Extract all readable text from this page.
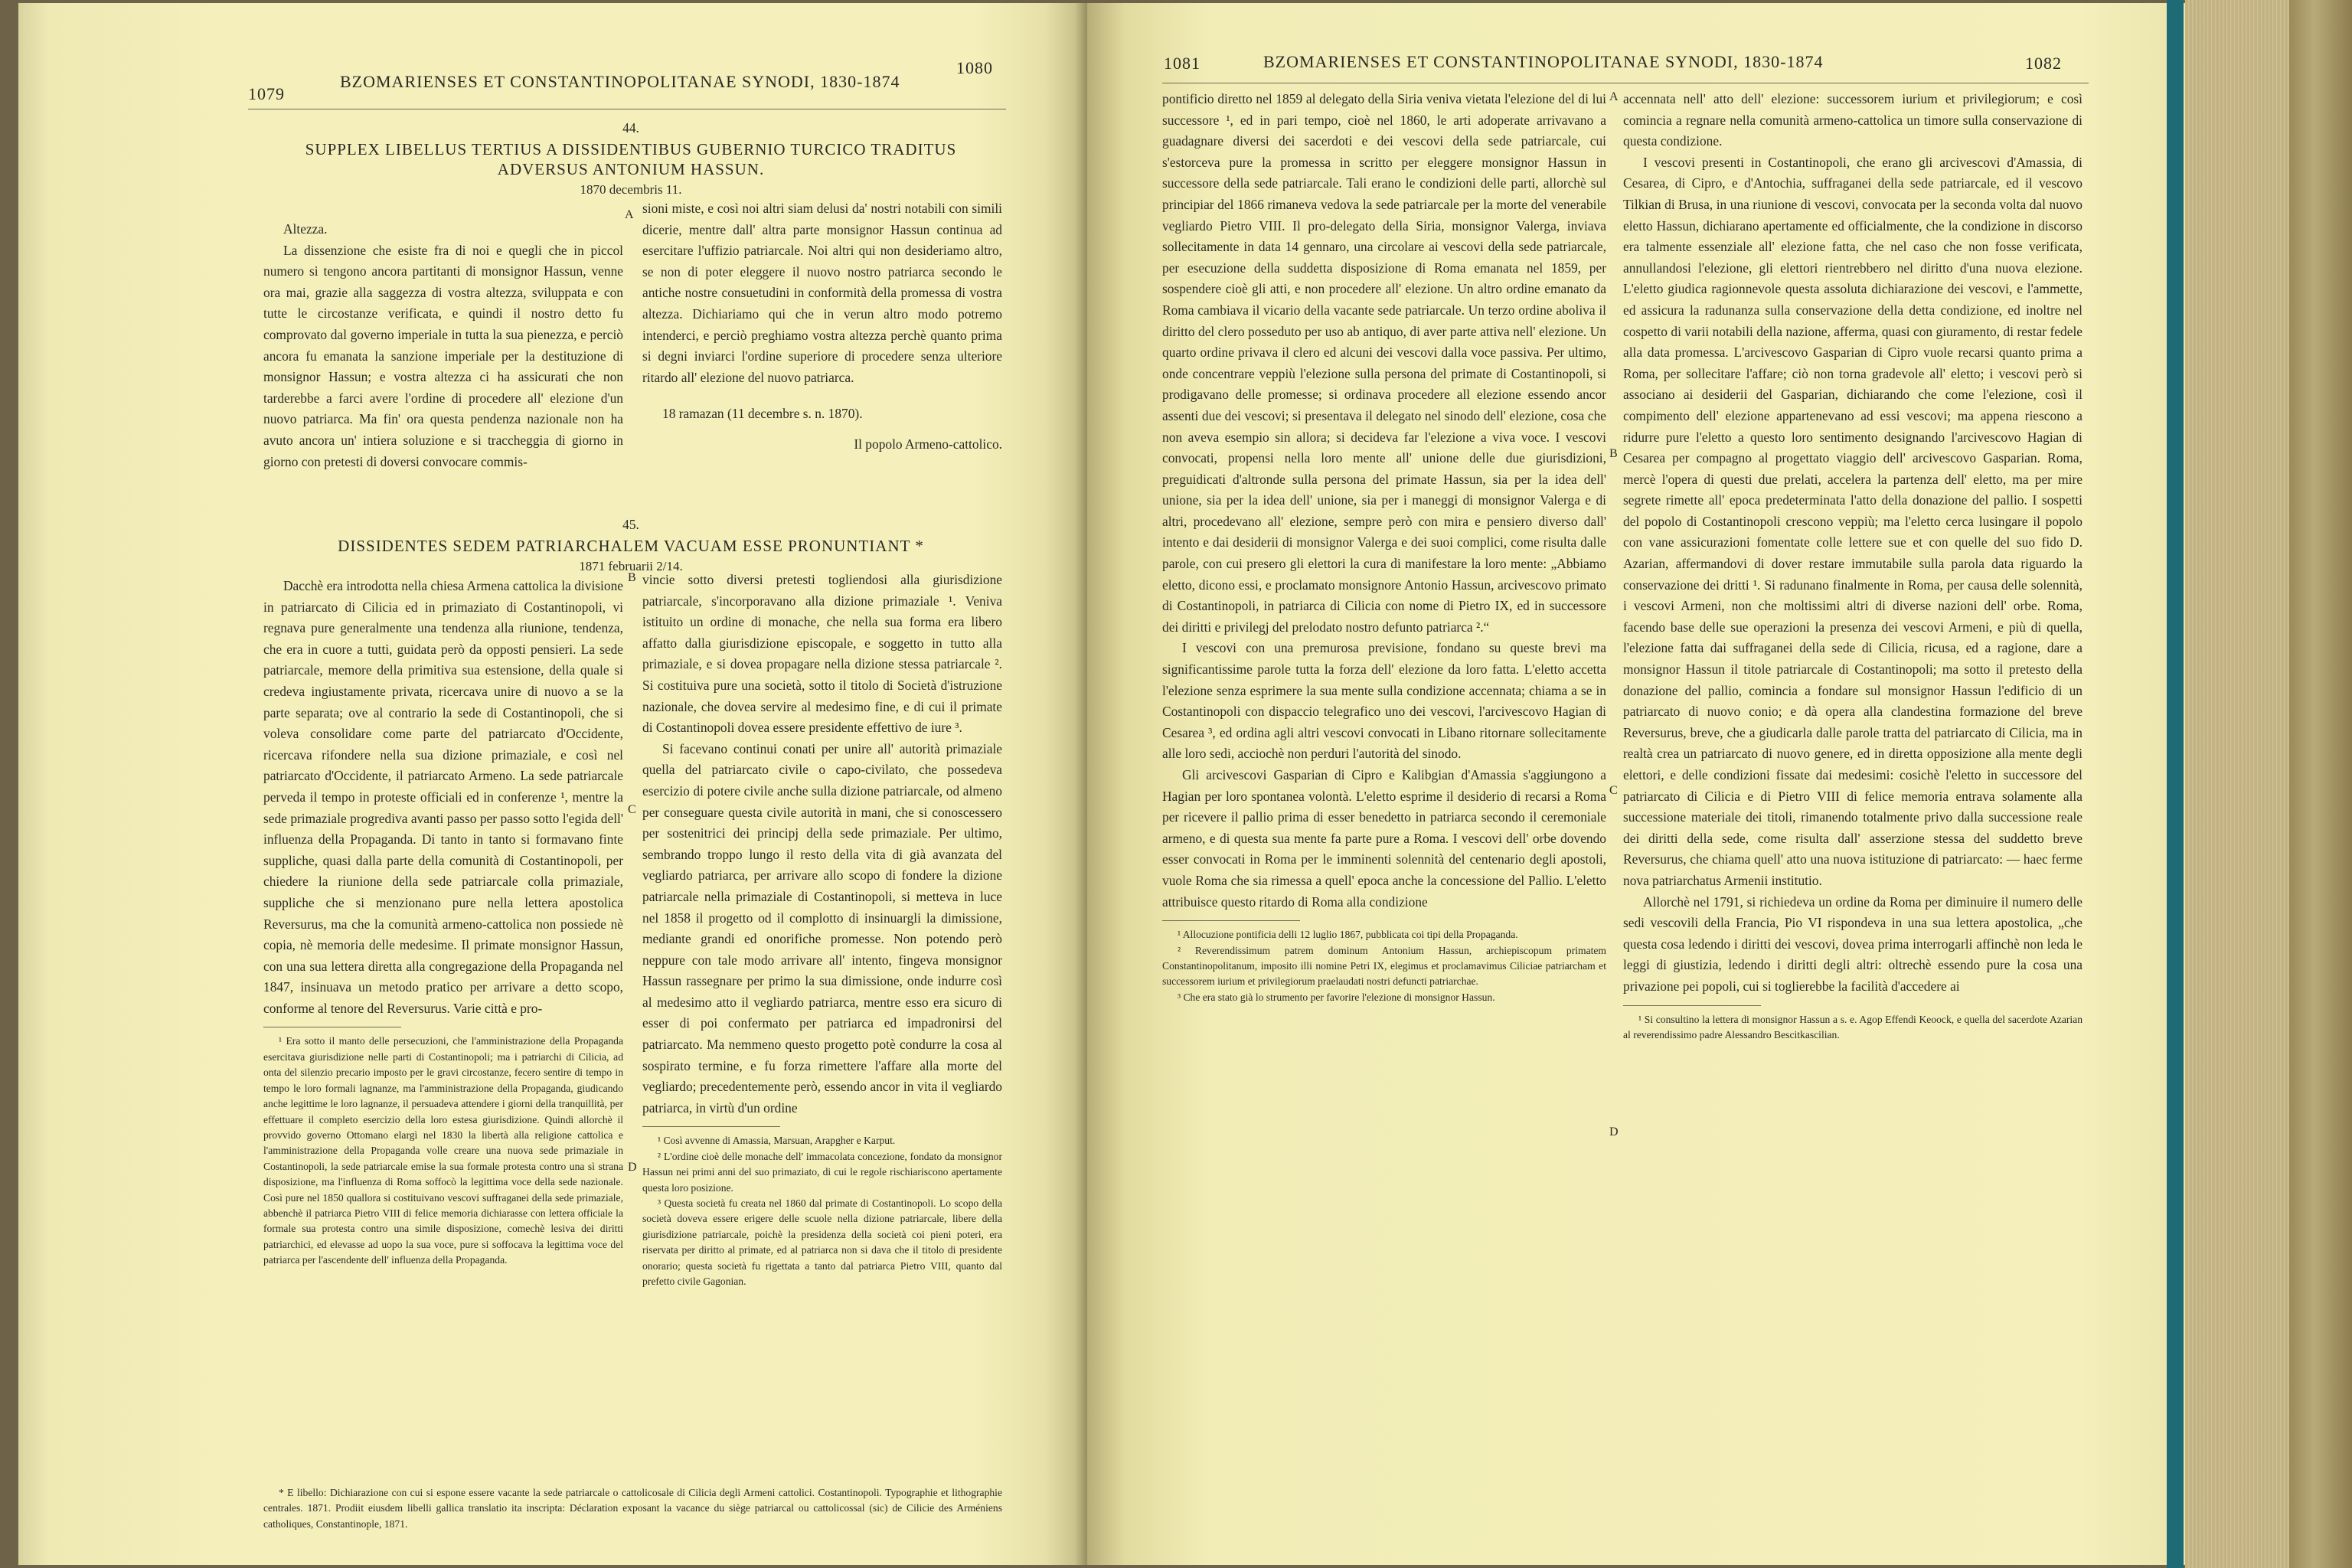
1079
BZOMARIENSES ET CONSTANTINOPOLITANAE SYNODI, 1830-1874
1080
44.
SUPPLEX LIBELLUS TERTIUS A DISSIDENTIBUS GUBERNIO TURCICO TRADITUS
ADVERSUS ANTONIUM HASSUN.
1870 decembris 11.

Altezza.

La dissenzione che esiste fra di noi e quegli che in piccol numero si tengono ancora partitanti di monsignor Hassun, venne ora mai, grazie alla saggezza di vostra altezza, sviluppata e con tutte le circostanze verificata, e quindi il nostro detto fu comprovato dal governo imperiale in tutta la sua pienezza, e perciò ancora fu emanata la sanzione imperiale per la destituzione di monsignor Hassun; e vostra altezza ci ha assicurati che non tarderebbe a farci avere l'ordine di procedere all' elezione d'un nuovo patriarca. Ma fin' ora questa pendenza nazionale non ha avuto ancora un' intiera soluzione e si traccheggia di giorno in giorno con pretesti di doversi convocare commis-

A sioni miste, e così noi altri siam delusi da' nostri notabili con simili dicerie, mentre dall' altra parte monsignor Hassun continua ad esercitare l'uffizio patriarcale. Noi altri qui non desideriamo altro, se non di poter eleggere il nuovo nostro patriarca secondo le antiche nostre consuetudini in conformità della promessa di vostra altezza. Dichiariamo qui che in verun altro modo potremo intenderci, e perciò preghiamo vostra altezza perchè quanto prima si degni inviarci l'ordine superiore di procedere senza ulteriore ritardo all' elezione del nuovo patriarca.

18 ramazan (11 decembre s. n. 1870).

Il popolo Armeno-cattolico.

45.
DISSIDENTES SEDEM PATRIARCHALEM VACUAM ESSE PRONUNTIANT *
1871 februarii 2/14.

Dacchè era introdotta nella chiesa Armena cattolica la divisione in patriarcato di Cilicia ed in primaziato di Costantinopoli, vi regnava pure generalmente una tendenza alla riunione, tendenza, che era in cuore a tutti, guidata però da opposti pensieri. La sede patriarcale, memore della primitiva sua estensione, della quale si credeva ingiustamente privata, ricercava unire di nuovo a se la parte separata; ove al contrario la sede di Costantinopoli, che si voleva consolidare come parte del patriarcato d'Occidente, ricercava rifondere nella sua dizione primaziale, e così nel patriarcato d'Occidente, il patriarcato Armeno. La sede patriarcale perveda il tempo in proteste officiali ed in conferenze ¹, mentre la sede primaziale progrediva avanti passo per passo sotto l'egida dell' influenza della Propaganda. Di tanto in tanto si formavano finte suppliche, quasi dalla parte della comunità di Costantinopoli, per chiedere la riunione della sede patriarcale colla primaziale, suppliche che si menzionano pure nella lettera apostolica Reversurus, ma che la comunità armeno-cattolica non possiede nè copia, nè memoria delle medesime. Il primate monsignor Hassun, con una sua lettera diretta alla congregazione della Propaganda nel 1847, insinuava un metodo pratico per arrivare a detto scopo, conforme al tenore del Reversurus. Varie città e pro-

¹ Era sotto il manto delle persecuzioni, che l'amministrazione della Propaganda esercitava giurisdizione nelle parti di Costantinopoli; ma i patriarchi di Cilicia, ad onta del silenzio precario imposto per le gravi circostanze, fecero sentire di tempo in tempo le loro formali lagnanze, ma l'amministrazione della Propaganda, giudicando anche legittime le loro lagnanze, il persuadeva attendere i giorni della tranquillità, per effettuare il completo esercizio della loro estesa giurisdizione. Quindi allorchè il provvido governo Ottomano elargì nel 1830 la libertà alla religione cattolica e l'amministrazione della Propaganda volle creare una nuova sede primaziale in Costantinopoli, la sede patriarcale emise la sua formale protesta contro una sì strana disposizione, ma l'influenza di Roma soffocò la legittima voce della sede nazionale. Così pure nel 1850 quallora si costituivano vescovi suffraganei della sede primaziale, abbenchè il patriarca Pietro VIII di felice memoria dichiarasse con lettera officiale la formale sua protesta contro una simile disposizione, comechè lesiva dei diritti patriarchici, ed elevasse ad uopo la sua voce, pure si soffocava la legittima voce del patriarca per l'ascendente dell' influenza della Propaganda.

B
C
D

vincie sotto diversi pretesti togliendosi alla giurisdizione patriarcale, s'incorporavano alla dizione primaziale ¹. Veniva istituito un ordine di monache, che nella sua forma era libero affatto dalla giurisdizione episcopale, e soggetto in tutto alla primaziale, e si dovea propagare nella dizione stessa patriarcale ². Si costituiva pure una società, sotto il titolo di Società d'istruzione nazionale, che dovea servire al medesimo fine, e di cui il primate di Costantinopoli dovea essere presidente effettivo de iure ³.

Si facevano continui conati per unire all' autorità primaziale quella del patriarcato civile o capo-civilato, che possedeva esercizio di potere civile anche sulla dizione patriarcale, od almeno per conseguare questa civile autorità in mani, che si conoscessero per sostenitrici dei principj della sede primaziale. Per ultimo, sembrando troppo lungo il resto della vita di già avanzata del vegliardo patriarca, per arrivare allo scopo di fondere la dizione patriarcale nella primaziale di Costantinopoli, si metteva in luce nel 1858 il progetto od il complotto di insinuargli la dimissione, mediante grandi ed onorifiche promesse. Non potendo però neppure con tale modo arrivare all' intento, fingeva monsignor Hassun rassegnare per primo la sua dimissione, onde indurre così al medesimo atto il vegliardo patriarca, mentre esso era sicuro di esser di poi confermato per patriarca ed impadronirsi del patriarcato. Ma nemmeno questo progetto potè condurre la cosa al sospirato termine, e fu forza rimettere l'affare alla morte del vegliardo; precedentemente però, essendo ancor in vita il vegliardo patriarca, in virtù d'un ordine

¹ Così avvenne di Amassia, Marsuan, Arapgher e Karput.

² L'ordine cioè delle monache dell' immacolata concezione, fondato da monsignor Hassun nei primi anni del suo primaziato, di cui le regole rischiariscono apertamente questa loro posizione.

³ Questa società fu creata nel 1860 dal primate di Costantinopoli. Lo scopo della società doveva essere erigere delle scuole nella dizione patriarcale, libere della giurisdizione patriarcale, poichè la presidenza della società coi pieni poteri, era riservata per diritto al primate, ed al patriarca non si dava che il titolo di presidente onorario; questa società fu rigettata a tanto dal patriarca Pietro VIII, quanto dal prefetto civile Gagonian.

* E libello: Dichiarazione con cui si espone essere vacante la sede patriarcale o cattolicosale di Cilicia degli Armeni cattolici. Costantinopoli. Typographie et lithographie centrales. 1871. Prodiit eiusdem libelli gallica translatio ita inscripta: Déclaration exposant la vacance du siège patriarcal ou cattolicossal (sic) de Cilicie des Arméniens catholiques, Constantinople, 1871.

1081	BZOMARIENSES ET CONSTANTINOPOLITANAE SYNODI, 1830-1874	1082

pontificio diretto nel 1859 al delegato della Siria veniva vietata l'elezione del di lui successore ¹, ed in pari tempo, cioè nel 1860, le arti adoperate arrivavano a guadagnare diversi dei sacerdoti e dei vescovi della sede patriarcale, cui s'estorceva pure la promessa in scritto per eleggere monsignor Hassun in successore della sede patriarcale. Tali erano le condizioni delle parti, allorchè sul principiar del 1866 rimaneva vedova la sede patriarcale per la morte del venerabile vegliardo Pietro VIII. Il pro-delegato della Siria, monsignor Valerga, inviava sollecitamente in data 14 gennaro, una circolare ai vescovi della sede patriarcale, per esecuzione della suddetta disposizione di Roma emanata nel 1859, per sospendere cioè gli atti, e non procedere all' elezione. Un altro ordine emanato da Roma cambiava il vicario della vacante sede patriarcale. Un terzo ordine aboliva il diritto del clero posseduto per uso ab antiquo, di aver parte attiva nell' elezione. Un quarto ordine privava il clero ed alcuni dei vescovi dalla voce passiva. Per ultimo, onde concentrare veppiù l'elezione sulla persona del primate di Costantinopoli, si prodigavano delle promesse; si ordinava procedere all elezione essendo ancor assenti due dei vescovi; si presentava il delegato nel sinodo dell' elezione, cosa che non aveva esempio sin allora; si decideva far l'elezione a viva voce. I vescovi convocati, propensi nella loro mente all' unione delle due giurisdizioni, preguidicati d'altronde sulla persona del primate Hassun, sia per la idea dell' unione, sia per la idea dell' unione, sia per i maneggi di monsignor Valerga e di altri, procedevano all' elezione, sempre però con mira e pensiero diverso dall' intento e dai desiderii di monsignor Valerga e dei suoi complici, come risulta dalle parole, con cui presero gli elettori la cura di manifestare la loro mente: „Abbiamo eletto, dicono essi, e proclamato monsignore Antonio Hassun, arcivescovo primato di Costantinopoli, in patriarca di Cilicia con nome di Pietro IX, ed in successore dei diritti e privilegj del prelodato nostro defunto patriarca ².“

I vescovi con una premurosa previsione, fondano su queste brevi ma significantissime parole tutta la forza dell' elezione da loro fatta. L'eletto accetta l'elezione senza esprimere la sua mente sulla condizione accennata; chiama a se in Costantinopoli con dispaccio telegrafico uno dei vescovi, l'arcivescovo Hagian di Cesarea ³, ed ordina agli altri vescovi convocati in Libano ritornare sollecitamente alle loro sedi, acciochè non perduri l'autorità del sinodo.

Gli arcivescovi Gasparian di Cipro e Kalibgian d'Amassia s'aggiungono a Hagian per loro spontanea volontà. L'eletto esprime il desiderio di recarsi a Roma per ricevere il pallio prima di esser benedetto in patriarca secondo il ceremoniale armeno, e di questa sua mente fa parte pure a Roma. I vescovi dell' orbe dovendo esser convocati in Roma per le imminenti solennità del centenario degli apostoli, vuole Roma che sia rimessa a quell' epoca anche la concessione del Pallio. L'eletto attribuisce questo ritardo di Roma alla condizione

¹ Allocuzione pontificia delli 12 luglio 1867, pubblicata coi tipi della Propaganda.

² Reverendissimum patrem dominum Antonium Hassun, archiepiscopum primatem Constantinopolitanum, imposito illi nomine Petri IX, elegimus et proclamavimus Ciliciae patriarcham et successorem iurium et privilegiorum praelaudati nostri defuncti patriarchae.

³ Che era stato già lo strumento per favorire l'elezione di monsignor Hassun.

A
B
C
D

accennata nell' atto dell' elezione: successorem iurium et privilegiorum; e così comincia a regnare nella comunità armeno-cattolica un timore sulla conservazione di questa condizione.

I vescovi presenti in Costantinopoli, che erano gli arcivescovi d'Amassia, di Cesarea, di Cipro, e d'Antochia, suffraganei della sede patriarcale, ed il vescovo Tilkian di Brusa, in una riunione di vescovi, convocata per la seconda volta dal nuovo eletto Hassun, dichiarano apertamente ed officialmente, che la condizione in discorso era talmente essenziale all' elezione fatta, che nel caso che non fosse verificata, annullandosi l'elezione, gli elettori rientrebbero nel diritto d'una nuova elezione. L'eletto giudica ragionnevole questa assoluta dichiarazione dei vescovi, e l'ammette, ed assicura la radunanza sulla conservazione della detta condizione, ed inoltre nel cospetto di varii notabili della nazione, afferma, quasi con giuramento, di restar fedele alla data promessa. L'arcivescovo Gasparian di Cipro vuole recarsi quanto prima a Roma, per sollecitare l'affare; ciò non torna gradevole all' eletto; i vescovi però si associano ai desiderii del Gasparian, dichiarando che come l'elezione, così il compimento dell' elezione appartenevano ad essi vescovi; ma appena riescono a ridurre pure l'eletto a questo loro sentimento designando l'arcivescovo Hagian di Cesarea per compagno al progettato viaggio dell' arcivescovo Gasparian. Roma, mercè l'opera di questi due prelati, accelera la partenza dell' eletto, ma per mire segrete rimette all' epoca predeterminata l'atto della donazione del pallio. I sospetti del popolo di Costantinopoli crescono veppiù; ma l'eletto cerca lusingare il popolo con vane assicurazioni fomentate colle lettere sue et con quelle del suo fido D. Azarian, affermandovi di dover restare immutabile sulla parola data riguardo la conservazione dei dritti ¹. Si radunano finalmente in Roma, per causa delle solennità, i vescovi Armeni, non che moltissimi altri di diverse nazioni dell' orbe. Roma, facendo base delle sue operazioni la presenza dei vescovi Armeni, e più di quella, l'elezione fatta dai suffraganei della sede di Cilicia, ricusa, ed a ragione, dare a monsignor Hassun il titole patriarcale di Costantinopoli; ma sotto il pretesto della donazione del pallio, comincia a fondare sul monsignor Hassun l'edificio di un patriarcato di nuovo conio; e dà opera alla clandestina formazione del breve Reversurus, breve, che a giudicarla dalle parole tratta del patriarcato di Cilicia, ma in realtà crea un patriarcato di nuovo genere, ed in diretta opposizione alla mente degli elettori, e delle condizioni fissate dai medesimi: cosichè l'eletto in successore del patriarcato di Cilicia e di Pietro VIII di felice memoria entrava solamente alla successione materiale dei titoli, rimanendo totalmente privo dalla successione reale dei diritti della sede, come risulta dall' asserzione stessa del suddetto breve Reversurus, che chiama quell' atto una nuova istituzione di patriarcato: — haec ferme nova patriarchatus Armenii institutio.

Allorchè nel 1791, si richiedeva un ordine da Roma per diminuire il numero delle sedi vescovili della Francia, Pio VI rispondeva in una sua lettera apostolica, „che questa cosa ledendo i diritti dei vescovi, dovea prima interrogarli affinchè non leda le leggi di giustizia, ledendo i diritti degli altri: oltrechè essendo pure la cosa una privazione pei popoli, cui si toglierebbe la facilità d'accedere ai

¹ Si consultino la lettera di monsignor Hassun a s. e. Agop Effendi Keoock, e quella del sacerdote Azarian al reverendissimo padre Alessandro Bescitkascilian.
